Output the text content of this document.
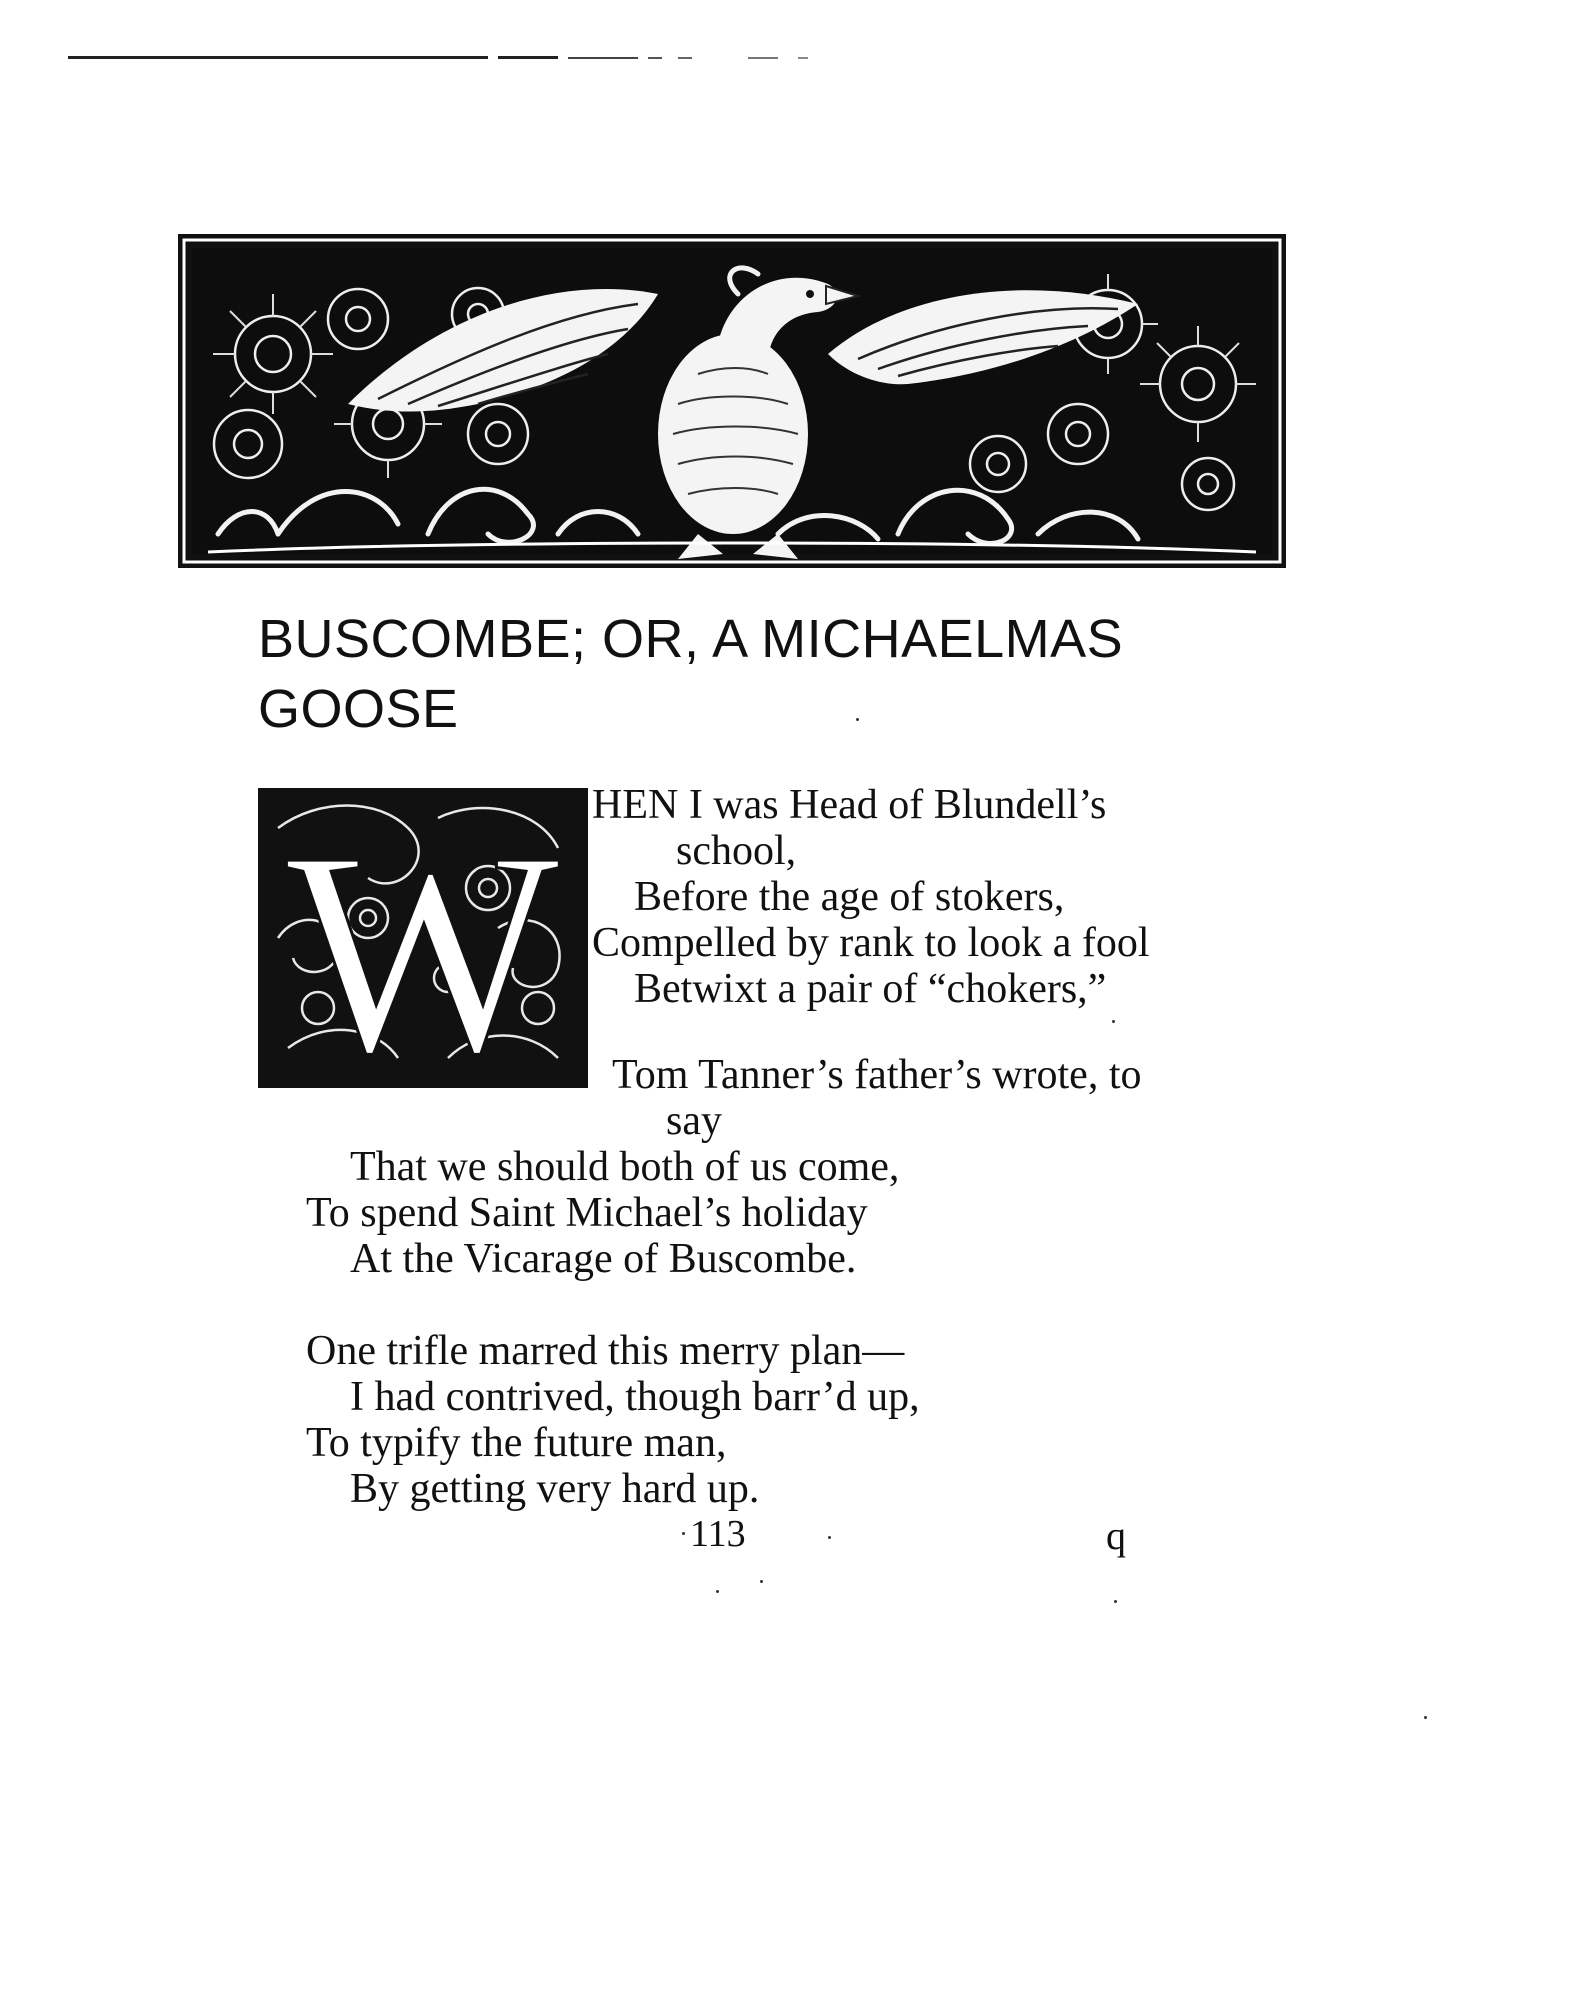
BUSCOMBE; OR, A MICHAELMAS
GOOSE
W HEN I was Head of Blundell’s
school,
Before the age of stokers,
Compelled by rank to look a fool
Betwixt a pair of “chokers,”
Tom Tanner’s father’s wrote, to
say
That we should both of us come,
To spend Saint Michael’s holiday
At the Vicarage of Buscombe.
One trifle marred this merry plan—
I had contrived, though barr’d up,
To typify the future man,
By getting very hard up.
113	q
